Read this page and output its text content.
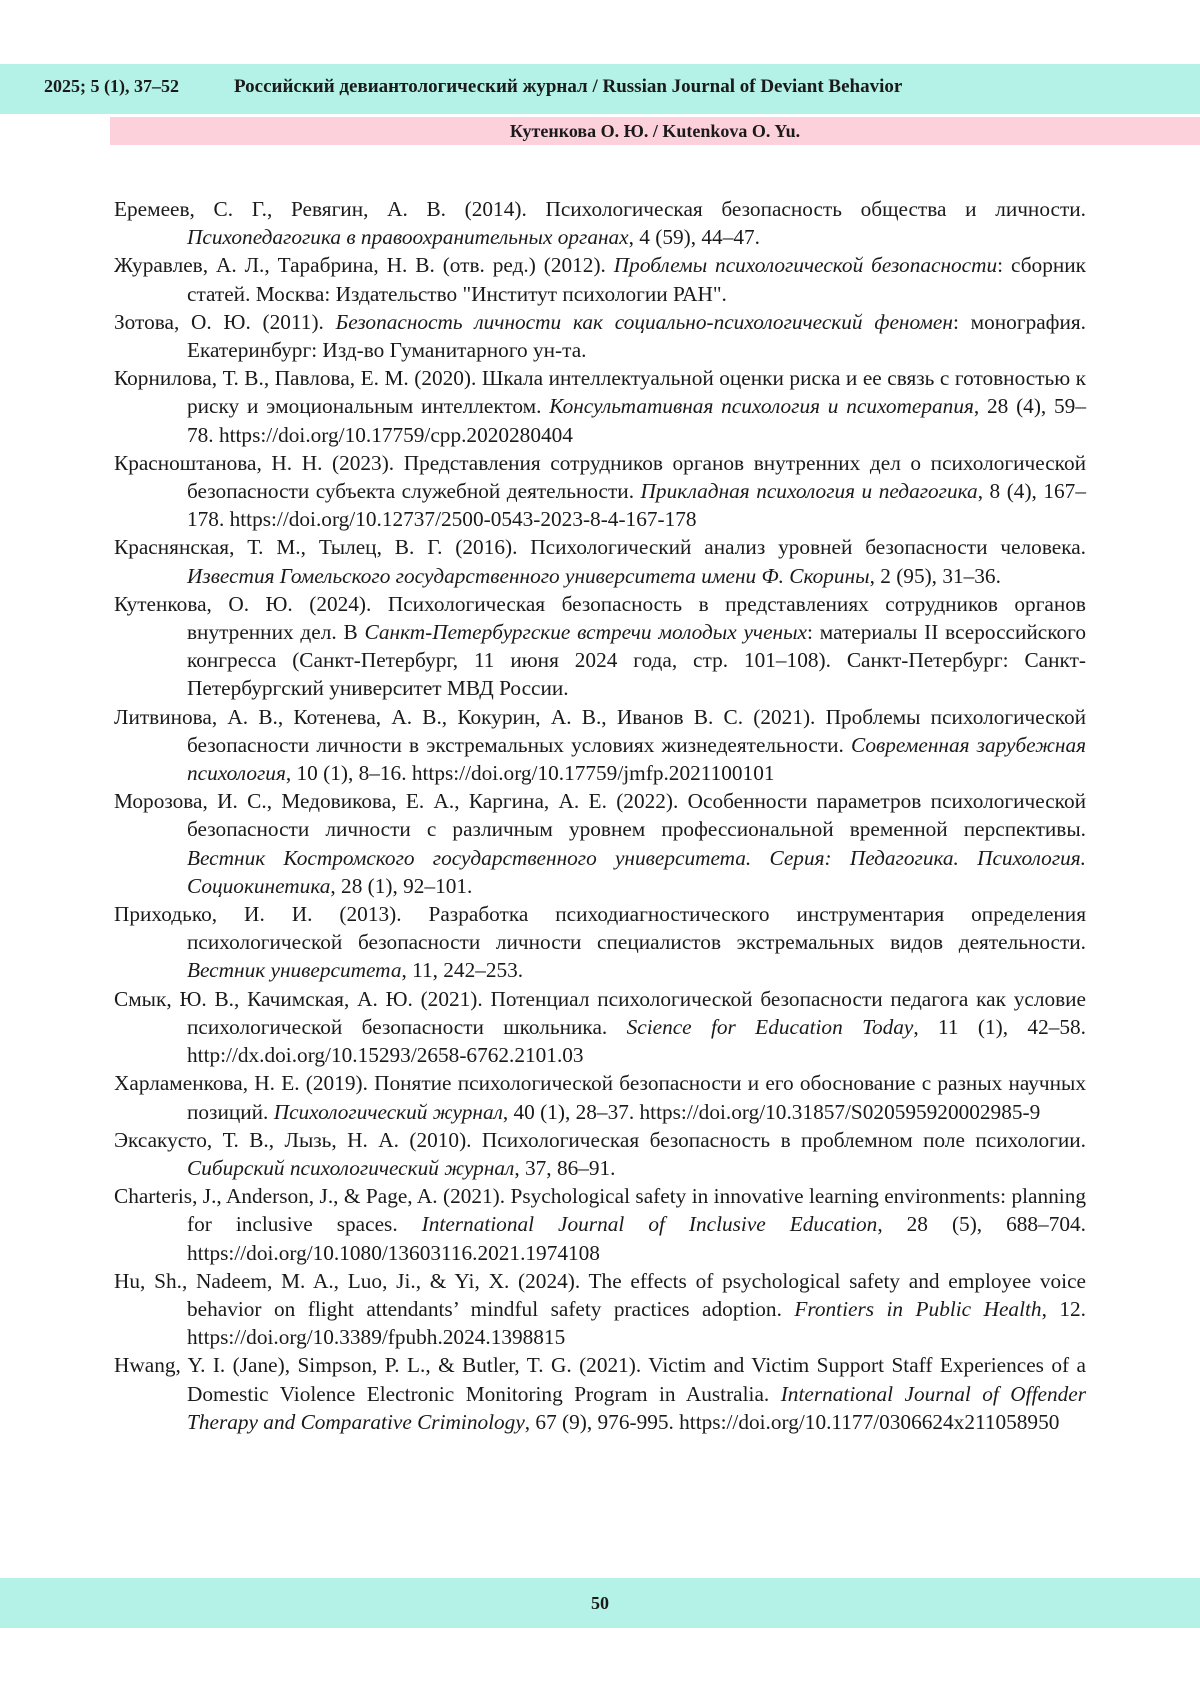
2025; 5 (1), 37–52	Российский девиантологический журнал / Russian Journal of Deviant Behavior
Кутенкова О. Ю. / Kutenkova O. Yu.
Еремеев, С. Г., Ревягин, А. В. (2014). Психологическая безопасность общества и личности. Психопедагогика в правоохранительных органах, 4 (59), 44–47.
Журавлев, А. Л., Тарабрина, Н. В. (отв. ред.) (2012). Проблемы психологической безопасности: сборник статей. Москва: Издательство "Институт психологии РАН".
Зотова, О. Ю. (2011). Безопасность личности как социально-психологический феномен: монография. Екатеринбург: Изд-во Гуманитарного ун-та.
Корнилова, Т. В., Павлова, Е. М. (2020). Шкала интеллектуальной оценки риска и ее связь с готовностью к риску и эмоциональным интеллектом. Консультативная психология и психотерапия, 28 (4), 59–78. https://doi.org/10.17759/cpp.2020280404
Красноштанова, Н. Н. (2023). Представления сотрудников органов внутренних дел о психологической безопасности субъекта служебной деятельности. Прикладная психология и педагогика, 8 (4), 167–178. https://doi.org/10.12737/2500-0543-2023-8-4-167-178
Краснянская, Т. М., Тылец, В. Г. (2016). Психологический анализ уровней безопасности человека. Известия Гомельского государственного университета имени Ф. Скорины, 2 (95), 31–36.
Кутенкова, О. Ю. (2024). Психологическая безопасность в представлениях сотрудников органов внутренних дел. В Санкт-Петербургские встречи молодых ученых: материалы II всероссийского конгресса (Санкт-Петербург, 11 июня 2024 года, стр. 101–108). Санкт-Петербург: Санкт-Петербургский университет МВД России.
Литвинова, А. В., Котенева, А. В., Кокурин, А. В., Иванов В. С. (2021). Проблемы психологической безопасности личности в экстремальных условиях жизнедеятельности. Современная зарубежная психология, 10 (1), 8–16. https://doi.org/10.17759/jmfp.2021100101
Морозова, И. С., Медовикова, Е. А., Каргина, А. Е. (2022). Особенности параметров психологической безопасности личности с различным уровнем профессиональной временной перспективы. Вестник Костромского государственного университета. Серия: Педагогика. Психология. Социокинетика, 28 (1), 92–101.
Приходько, И. И. (2013). Разработка психодиагностического инструментария определения психологической безопасности личности специалистов экстремальных видов деятельности. Вестник университета, 11, 242–253.
Смык, Ю. В., Качимская, А. Ю. (2021). Потенциал психологической безопасности педагога как условие психологической безопасности школьника. Science for Education Today, 11 (1), 42–58. http://dx.doi.org/10.15293/2658-6762.2101.03
Харламенкова, Н. Е. (2019). Понятие психологической безопасности и его обоснование с разных научных позиций. Психологический журнал, 40 (1), 28–37. https://doi.org/10.31857/S020595920002985-9
Эксакусто, Т. В., Лызь, Н. А. (2010). Психологическая безопасность в проблемном поле психологии. Сибирский психологический журнал, 37, 86–91.
Charteris, J., Anderson, J., & Page, A. (2021). Psychological safety in innovative learning environments: planning for inclusive spaces. International Journal of Inclusive Education, 28 (5), 688–704. https://doi.org/10.1080/13603116.2021.1974108
Hu, Sh., Nadeem, M. A., Luo, Ji., & Yi, X. (2024). The effects of psychological safety and employee voice behavior on flight attendants’ mindful safety practices adoption. Frontiers in Public Health, 12. https://doi.org/10.3389/fpubh.2024.1398815
Hwang, Y. I. (Jane), Simpson, P. L., & Butler, T. G. (2021). Victim and Victim Support Staff Experiences of a Domestic Violence Electronic Monitoring Program in Australia. International Journal of Offender Therapy and Comparative Criminology, 67 (9), 976-995. https://doi.org/10.1177/0306624x211058950
50
